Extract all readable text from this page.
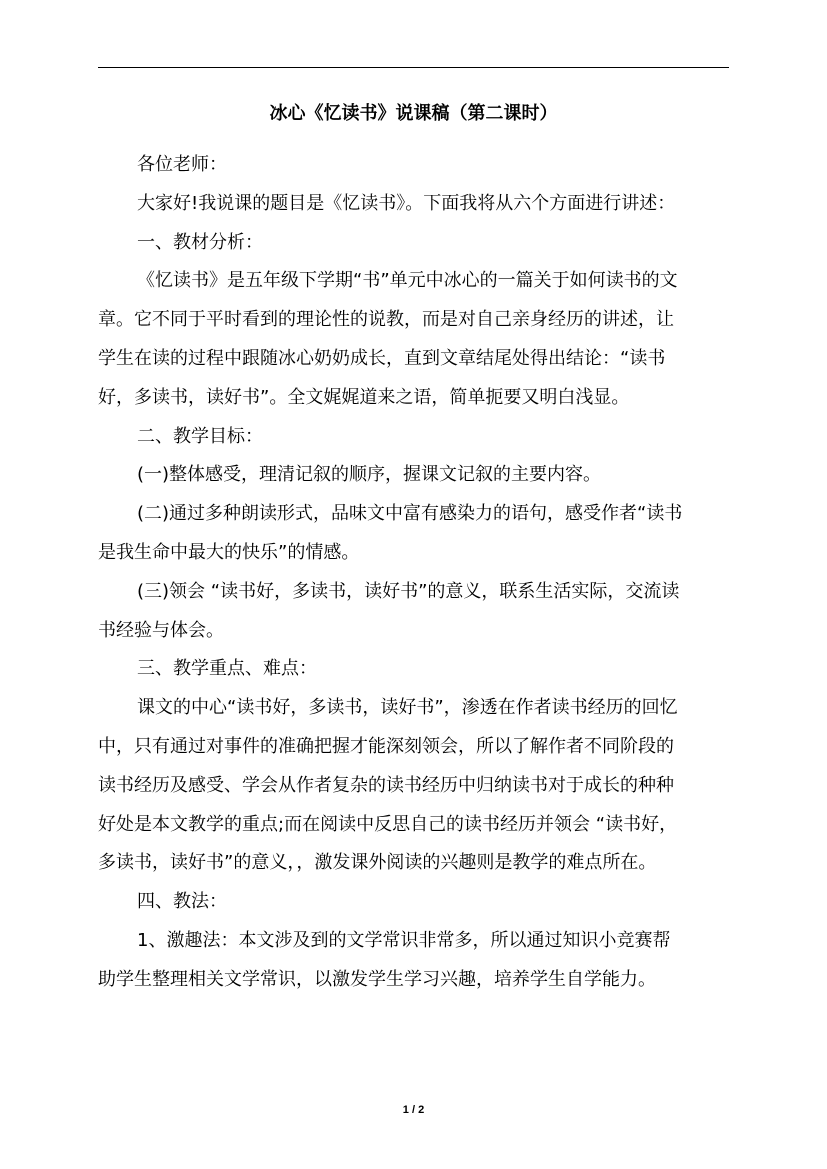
冰心《忆读书》说课稿（第二课时）
各位老师：
大家好!我说课的题目是《忆读书》。下面我将从六个方面进行讲述：
一、教材分析：
《忆读书》是五年级下学期“书”单元中冰心的一篇关于如何读书的文
章。它不同于平时看到的理论性的说教，而是对自己亲身经历的讲述，让
学生在读的过程中跟随冰心奶奶成长，直到文章结尾处得出结论：“读书
好，多读书，读好书”。全文娓娓道来之语，简单扼要又明白浅显。
二、教学目标：
(一)整体感受，理清记叙的顺序，握课文记叙的主要内容。
(二)通过多种朗读形式，品味文中富有感染力的语句，感受作者“读书
是我生命中最大的快乐”的情感。
(三)领会 “读书好，多读书，读好书”的意义，联系生活实际，交流读
书经验与体会。
三、教学重点、难点：
课文的中心“读书好，多读书，读好书”，渗透在作者读书经历的回忆
中，只有通过对事件的准确把握才能深刻领会，所以了解作者不同阶段的
读书经历及感受、学会从作者复杂的读书经历中归纳读书对于成长的种种
好处是本文教学的重点;而在阅读中反思自己的读书经历并领会 “读书好，
多读书，读好书”的意义，，激发课外阅读的兴趣则是教学的难点所在。
四、教法：
1、激趣法：本文涉及到的文学常识非常多，所以通过知识小竞赛帮
助学生整理相关文学常识，以激发学生学习兴趣，培养学生自学能力。
1 / 2
